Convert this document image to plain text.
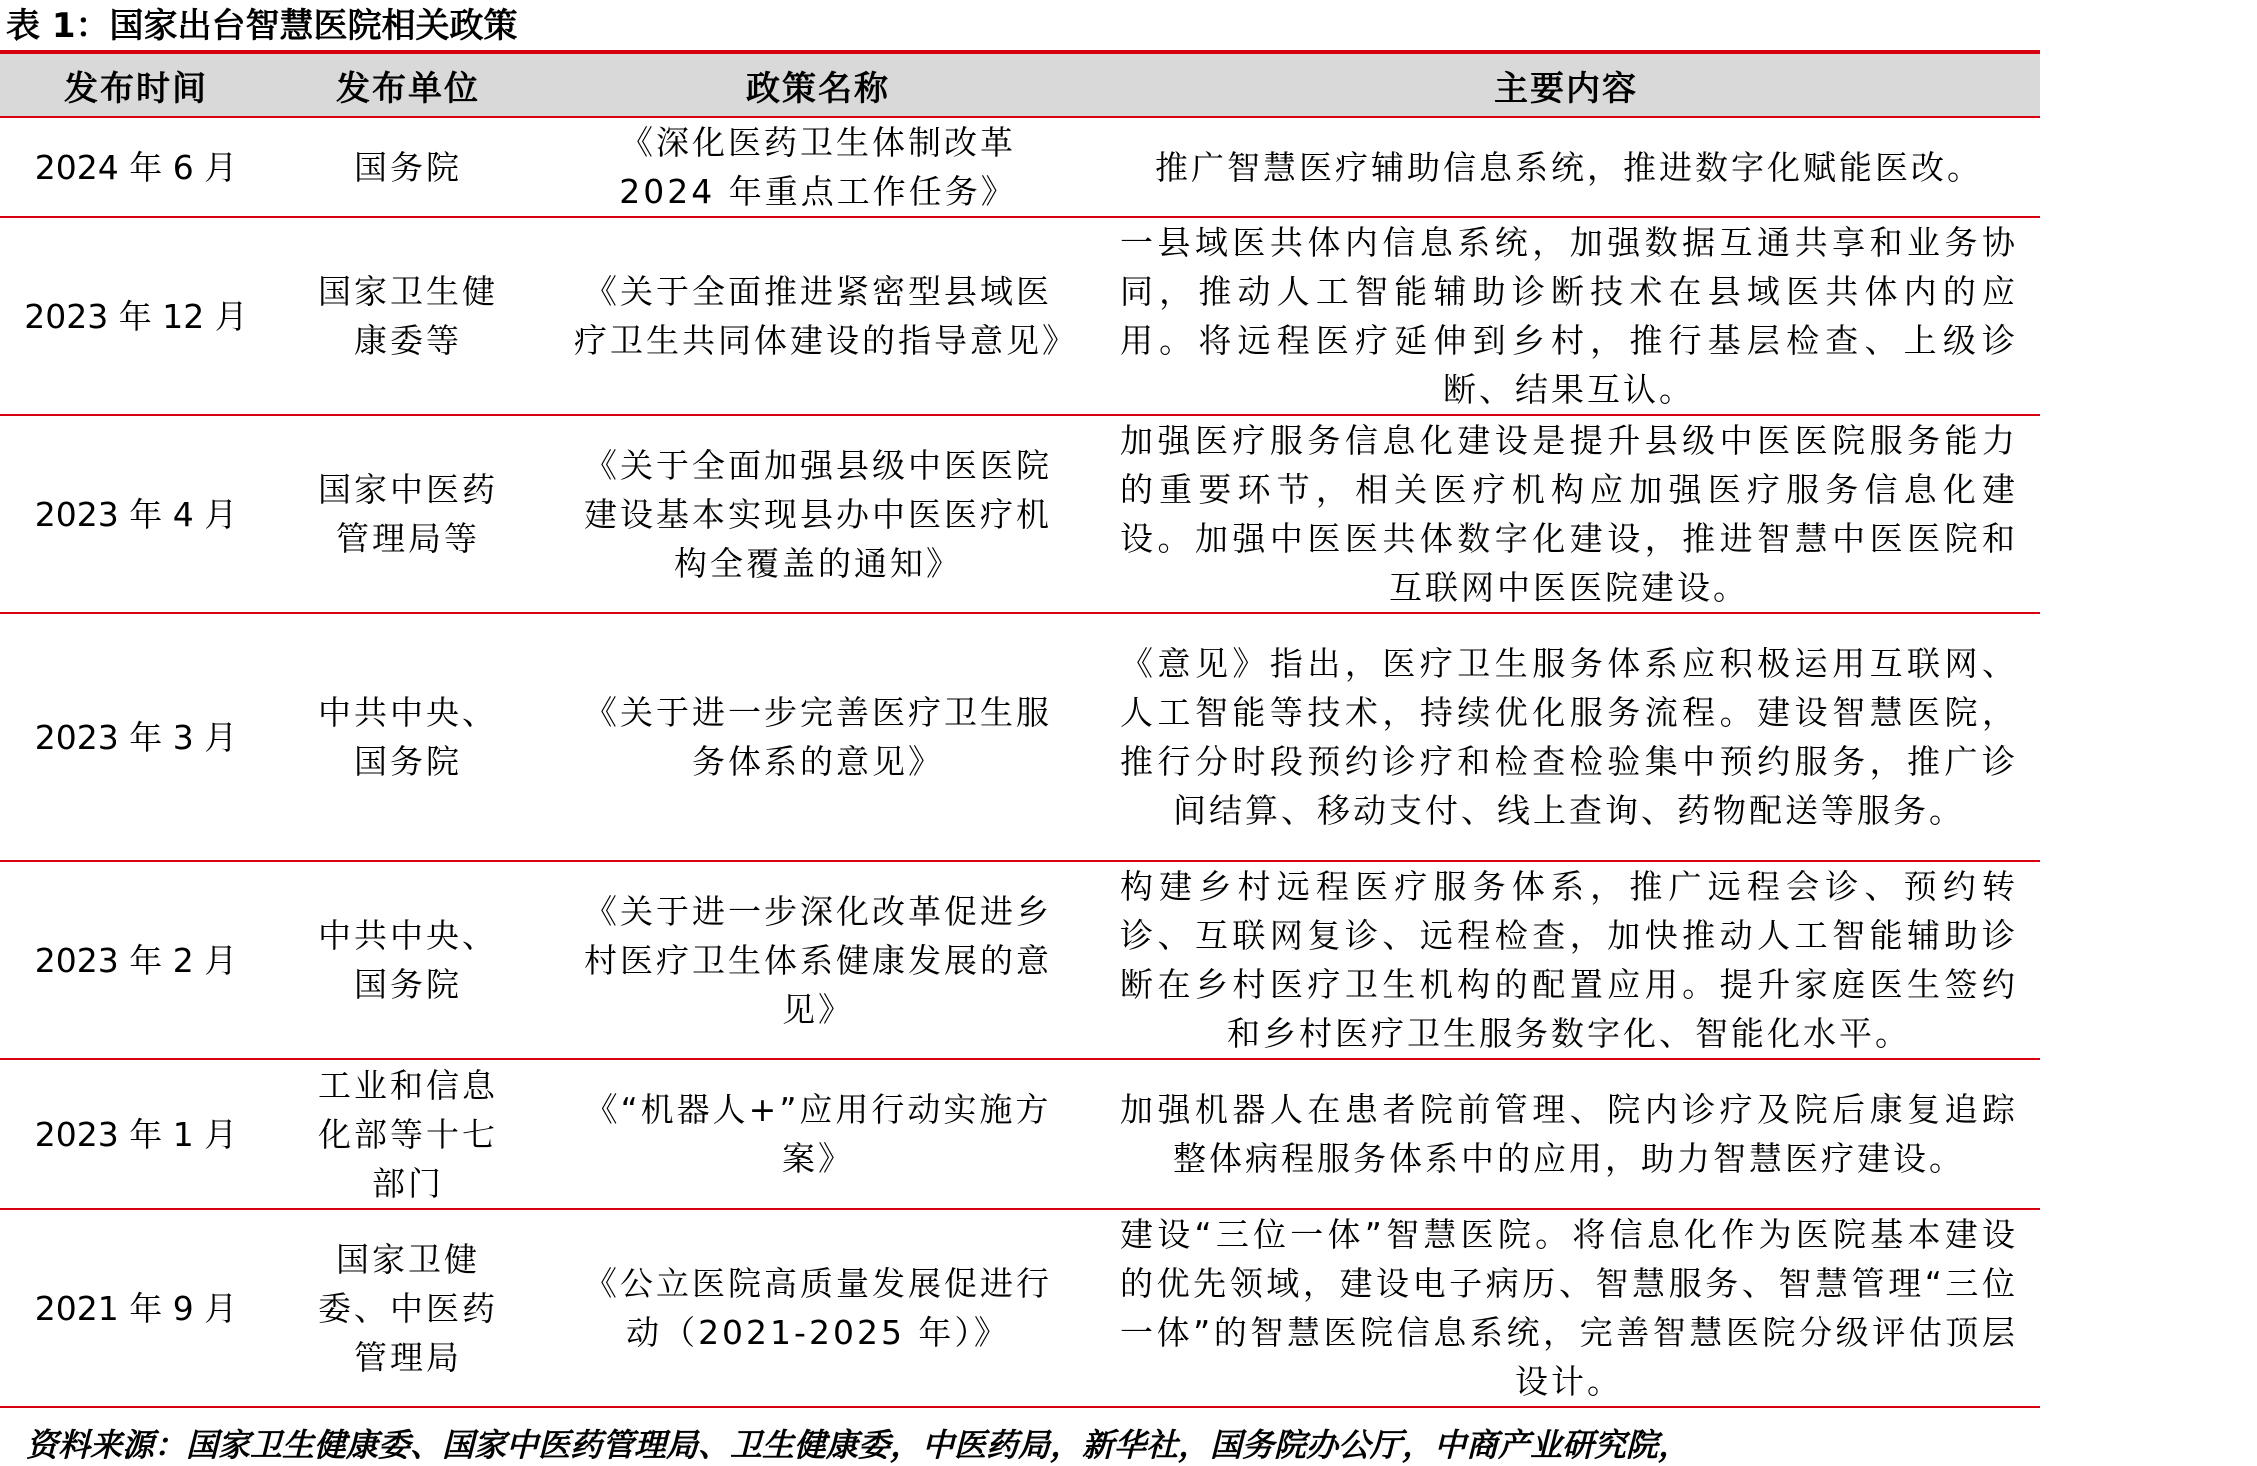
表 1：国家出台智慧医院相关政策
发布时间	发布单位	政策名称	主要内容
2024 年 6 月	国务院	《深化医药卫生体制改革 2024 年重点工作任务》	推广智慧医疗辅助信息系统，推进数字化赋能医改。
2023 年 12 月	国家卫生健康委等	《关于全面推进紧密型县域医疗卫生共同体建设的指导意见》	一县域医共体内信息系统，加强数据互通共享和业务协同，推动人工智能辅助诊断技术在县域医共体内的应用。将远程医疗延伸到乡村，推行基层检查、上级诊断、结果互认。
2023 年 4 月	国家中医药管理局等	《关于全面加强县级中医医院建设基本实现县办中医医疗机构全覆盖的通知》	加强医疗服务信息化建设是提升县级中医医院服务能力的重要环节，相关医疗机构应加强医疗服务信息化建设。加强中医医共体数字化建设，推进智慧中医医院和互联网中医医院建设。
2023 年 3 月	中共中央、国务院	《关于进一步完善医疗卫生服务体系的意见》	《意见》指出，医疗卫生服务体系应积极运用互联网、人工智能等技术，持续优化服务流程。建设智慧医院，推行分时段预约诊疗和检查检验集中预约服务，推广诊间结算、移动支付、线上查询、药物配送等服务。
2023 年 2 月	中共中央、国务院	《关于进一步深化改革促进乡村医疗卫生体系健康发展的意见》	构建乡村远程医疗服务体系，推广远程会诊、预约转诊、互联网复诊、远程检查，加快推动人工智能辅助诊断在乡村医疗卫生机构的配置应用。提升家庭医生签约和乡村医疗卫生服务数字化、智能化水平。
2023 年 1 月	工业和信息化部等十七部门	《“机器人+”应用行动实施方案》	加强机器人在患者院前管理、院内诊疗及院后康复追踪整体病程服务体系中的应用，助力智慧医疗建设。
2021 年 9 月	国家卫健委、中医药管理局	《公立医院高质量发展促进行动（2021-2025 年）》	建设“三位一体”智慧医院。将信息化作为医院基本建设的优先领域，建设电子病历、智慧服务、智慧管理“三位一体”的智慧医院信息系统，完善智慧医院分级评估顶层设计。
资料来源：国家卫生健康委、国家中医药管理局、卫生健康委，中医药局，新华社，国务院办公厅，中商产业研究院，
